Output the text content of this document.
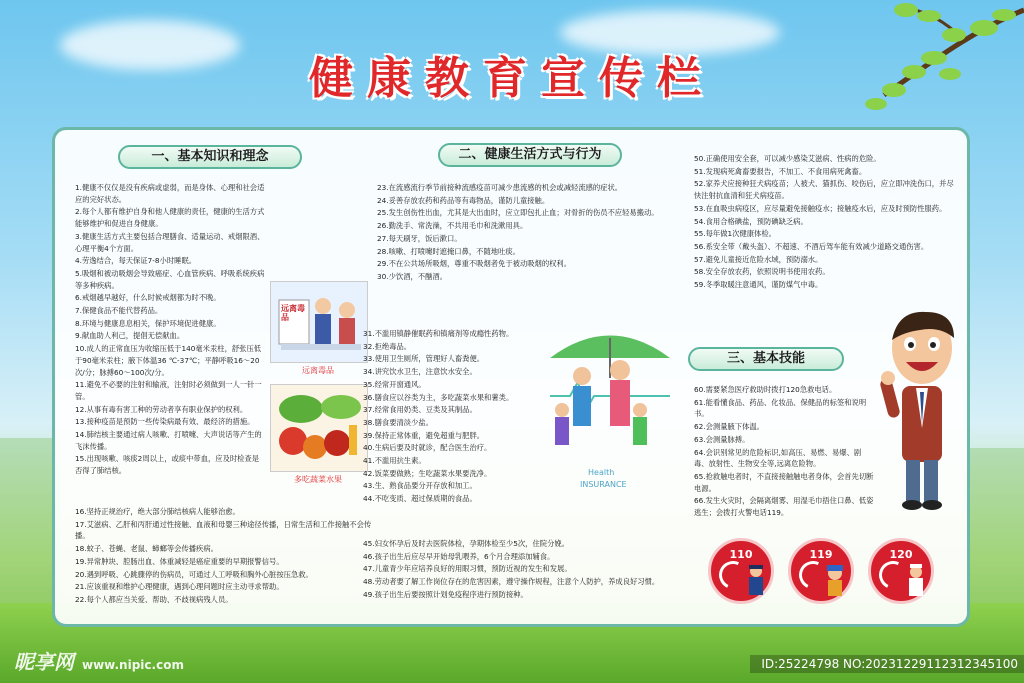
健康教育宣传栏
一、基本知识和理念	二、健康生活方式与行为
三、基本技能

1.健康不仅仅是没有疾病或虚弱，而是身体、心理和社会适应的完好状态。

2.每个人都有维护自身和他人健康的责任，健康的生活方式能够维护和促进自身健康。

3.健康生活方式主要包括合理膳食、适量运动、戒烟限酒、心理平衡4个方面。

4.劳逸结合，每天保证7-8小时睡眠。

5.吸烟和被动吸烟会导致癌症、心血管疾病、呼吸系统疾病等多种疾病。

6.戒烟越早越好，什么时候戒烟都为时不晚。

7.保健食品不能代替药品。

8.环境与健康息息相关，保护环境促进健康。

9.献血助人利己，提倡无偿献血。

10.成人的正常血压为收缩压低于140毫米汞柱，舒张压低于90毫米汞柱；腋下体温36 ℃-37℃；平静呼吸16～20次/分；脉搏60～100次/分。

11.避免不必要的注射和输液，注射时必须做到一人一针一管。

12.从事有毒有害工种的劳动者享有职业保护的权利。

13.接种疫苗是预防一些传染病最有效、最经济的措施。

14.肺结核主要通过病人咳嗽、打喷嚏、大声说话等产生的飞沫传播。

15.出现咳嗽、咳痰2周以上，或痰中带血，应及时检查是否得了肺结核。

16.坚持正规治疗，绝大部分肺结核病人能够治愈。

17.艾滋病、乙肝和丙肝通过性接触、血液和母婴三种途径传播，日常生活和工作接触不会传播。

18.蚊子、苍蝇、老鼠、蟑螂等会传播疾病。

19.异常肿块、腔肠出血、体重减轻是癌症重要的早期报警信号。

20.遇到呼吸、心跳骤停的伤病员，可通过人工呼吸和胸外心脏按压急救。

21.应该重视和维护心理健康，遇到心理问题时应主动寻求帮助。

22.每个人都应当关爱、帮助、不歧视病残人员。

远离毒品
远离毒品
多吃蔬菜水果

23.在流感流行季节前接种流感疫苗可减少患流感的机会或减轻流感的症状。

24.妥善存放农药和药品等有毒物品，谨防儿童接触。

25.发生创伤性出血，尤其是大出血时，应立即包扎止血；对骨折的伤员不应轻易搬动。

26.勤洗手、常洗澡，不共用毛巾和洗漱用具。

27.每天刷牙，饭后漱口。

28.咳嗽、打喷嚏时遮掩口鼻，不随地吐痰。

29.不在公共场所吸烟，尊重不吸烟者免于被动吸烟的权利。

30.少饮酒，不酗酒。

31.不滥用镇静催眠药和镇痛剂等成瘾性药物。

32.拒绝毒品。

33.使用卫生厕所，管理好人畜粪便。

34.讲究饮水卫生，注意饮水安全。

35.经常开窗通风。

36.膳食应以谷类为主，多吃蔬菜水果和薯类。

37.经常食用奶类、豆类及其制品。

38.膳食要清淡少盐。

39.保持正常体重，避免超重与肥胖。

40.生病后要及时就诊，配合医生治疗。

41.不滥用抗生素。

42.饭菜要做熟；生吃蔬菜水果要洗净。

43.生、熟食品要分开存放和加工。

44.不吃变质、超过保质期的食品。

45.妇女怀孕后及时去医院体检，孕期体检至少5次，住院分娩。

46.孩子出生后应尽早开始母乳喂养，6个月合理添加辅食。

47.儿童青少年应培养良好的用眼习惯，预防近视的发生和发展。

48.劳动者要了解工作岗位存在的危害因素，遵守操作规程，注意个人防护，养成良好习惯。

49.孩子出生后要按照计划免疫程序进行预防接种。

Health
INSURANCE

50.正确使用安全套，可以减少感染艾滋病、性病的危险。

51.发现病死禽畜要报告，不加工、不食用病死禽畜。

52.家养犬应接种狂犬病疫苗；人被犬、猫抓伤、咬伤后，应立即冲洗伤口，并尽快注射抗血清和狂犬病疫苗。

53.在血吸虫病疫区，应尽量避免接触疫水；接触疫水后，应及时预防性服药。

54.食用合格碘盐，预防碘缺乏病。

55.每年做1次健康体检。

56.系安全带（戴头盔）、不超速、不酒后驾车能有效减少道路交通伤害。

57.避免儿童接近危险水域，预防溺水。

58.安全存放农药，依照说明书使用农药。

59.冬季取暖注意通风，谨防煤气中毒。

60.需要紧急医疗救助时拨打120急救电话。

61.能看懂食品、药品、化妆品、保健品的标签和说明书。

62.会测量腋下体温。

63.会测量脉搏。

64.会识别常见的危险标识,如高压、易燃、易爆、剧毒、放射性、生物安全等,远离危险物。

65.抢救触电者时，不直接接触触电者身体，会首先切断电源。

66.发生火灾时，会隔离烟雾、用湿毛巾捂住口鼻、低姿逃生；会拨打火警电话119。

110	119	120
昵享网 www.nipic.com	ID:25224798 NO:20231229112312345100
